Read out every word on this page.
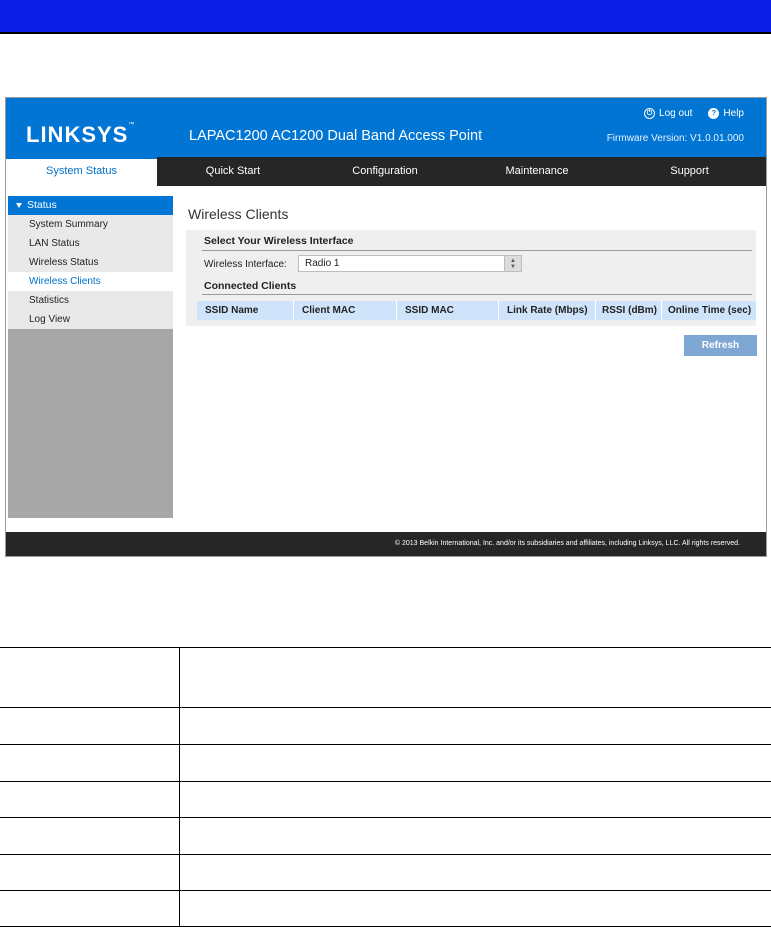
LINKSYS™
LAPAC1200 AC1200 Dual Band Access Point
⏻ Log out	? Help
Firmware Version: V1.0.01.000
System Status	Quick Start	Configuration	Maintenance	Support
Status
System Summary
LAN Status
Wireless Status
Wireless Clients
Statistics
Log View
Wireless Clients
Select Your Wireless Interface
Wireless Interface:	Radio 1	▲
▼
Connected Clients
SSID Name	Client MAC	SSID MAC	Link Rate (Mbps)	RSSI (dBm)	Online Time (sec)
Refresh
© 2013 Belkin International, Inc. and/or its subsidiaries and affiliates, including Linksys, LLC. All rights reserved.
